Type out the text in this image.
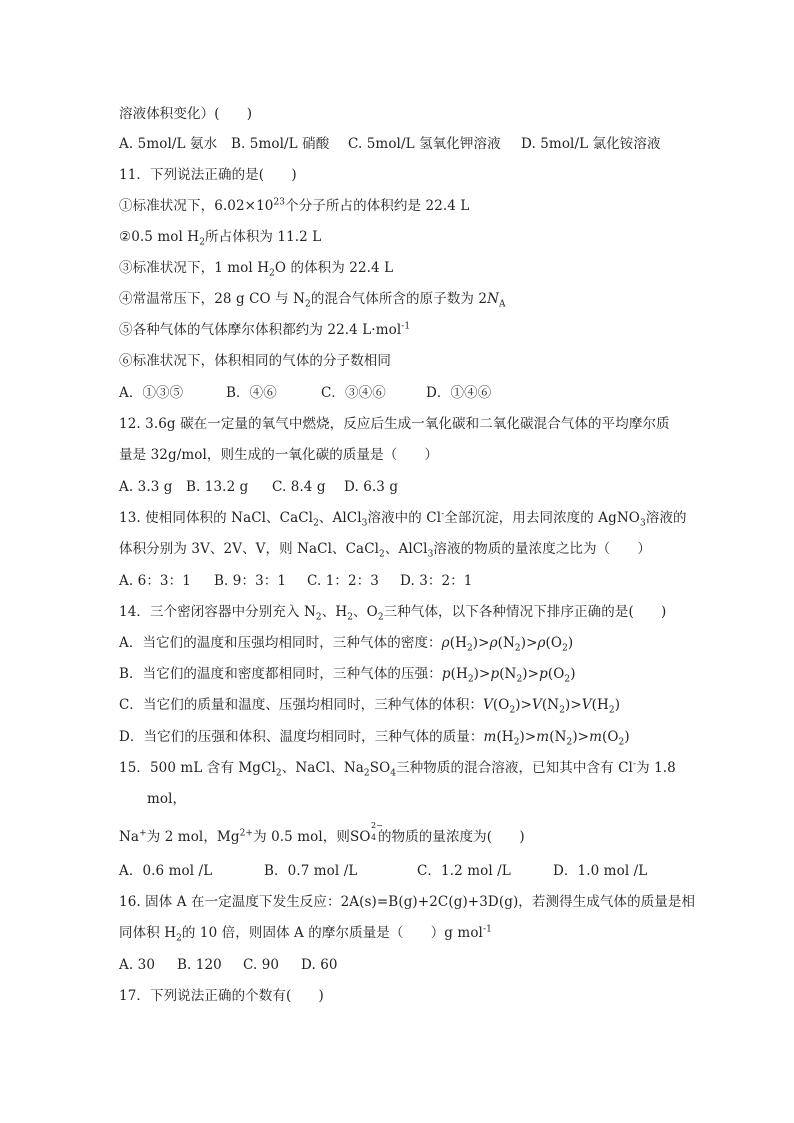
溶液体积变化）(　　)
A. 5mol/L 氨水 B. 5mol/L 硝酸 C. 5mol/L 氢氧化钾溶液 D. 5mol/L 氯化铵溶液
11．下列说法正确的是(　　)
①标准状况下，$6.02\times 10^{23}$个分子所占的体积约是 22.4 L
②0.5 mol $H_2$所占体积为 11.2 L
③标准状况下，1 mol $H_2O$ 的体积为 22.4 L
④常温常压下，28 g CO 与 $N_2$的混合气体所含的原子数为 $2N_A$
⑤各种气体的气体摩尔体积都约为 22.4 L·mol$^{-1}$
⑥标准状况下，体积相同的气体的分子数相同
A．①③⑤	B．④⑥	C．③④⑥	D．①④⑥
12. 3.6g 碳在一定量的氧气中燃烧，反应后生成一氧化碳和二氧化碳混合气体的平均摩尔质
量是 32g/mol，则生成的一氧化碳的质量是（　　）
A. 3.3 g B. 13.2 g C. 8.4 g D. 6.3 g
13. 使相同体积的 NaCl、CaCl$_2$、AlCl$_3$溶液中的 Cl-全部沉淀，用去同浓度的 AgNO$_3$溶液的
体积分别为 3V、2V、V，则 NaCl、CaCl$_2$、AlCl$_3$溶液的物质的量浓度之比为（　　）
A. 6：3：1 B. 9：3：1 C. 1：2：3 D. 3：2：1
14．三个密闭容器中分别充入 $N_2$、$H_2$、$O_2$三种气体，以下各种情况下排序正确的是(　　)
A．当它们的温度和压强均相同时，三种气体的密度：$\rho(H_2)>\rho(N_2)>\rho(O_2)$
B．当它们的温度和密度都相同时，三种气体的压强：$p(H_2)>p(N_2)>p(O_2)$
C．当它们的质量和温度、压强均相同时，三种气体的体积：$V(O_2)>V(N_2)>V(H_2)$
D．当它们的压强和体积、温度均相同时，三种气体的质量：$m(H_2)>m(N_2)>m(O_2)$
15．500 mL 含有 MgCl$_2$、NaCl、$Na_2SO_4$三种物质的混合溶液，已知其中含有 Cl-为 1.8
mol，
Na+为 2 mol，$Mg^{2+}$为 0.5 mol，则SO
2−
4 的物质的量浓度为(　　)
A．0.6 mol /L	B．0.7 mol /L	C．1.2 mol /L	D．1.0 mol /L
16. 固体 A 在一定温度下发生反应：2A(s)=B(g)+2C(g)+3D(g)，若测得生成气体的质量是相
同体积 $H_2$的 10 倍，则固体 A 的摩尔质量是（　　）g mol$^{-1}$
A. 30 B. 120 C. 90 D. 60
17．下列说法正确的个数有(　　)
